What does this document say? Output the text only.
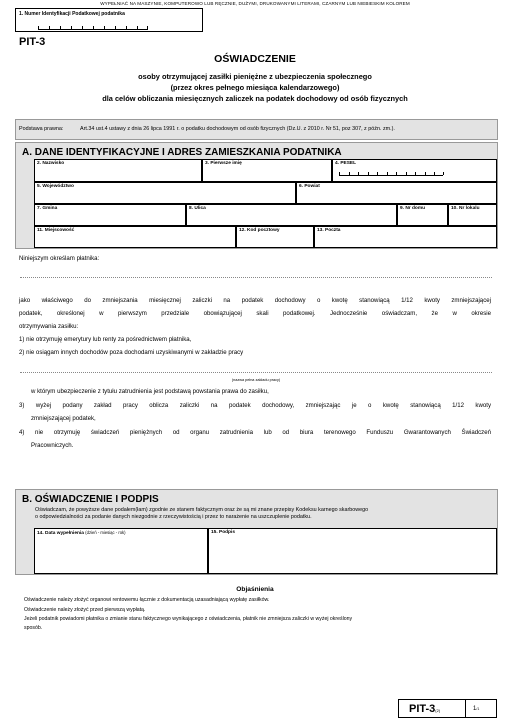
WYPEŁNIAĆ NA MASZYNIE, KOMPUTEROWO LUB RĘCZNIE, DUŻYMI, DRUKOWANYMI LITERAMI, CZARNYM LUB NIEBIESKIM KOLOREM
1. Numer Identyfikacji Podatkowej podatnika
PIT-3
OŚWIADCZENIE
osoby otrzymującej zasiłki pieniężne z ubezpieczenia społecznego
(przez okres pełnego miesiąca kalendarzowego)
dla celów obliczania miesięcznych zaliczek na podatek dochodowy od osób fizycznych
Podstawa prawna:	Art.34 ust.4 ustawy z dnia 26 lipca 1991 r. o podatku dochodowym od osób fizycznych (Dz.U. z 2010 r. Nr 51, poz 307, z późn. zm.).
A. DANE IDENTYFIKACYJNE I ADRES ZAMIESZKANIA PODATNIKA
2. Nazwisko	3. Pierwsze imię	4. PESEL
5. Województwo	6. Powiat
7. Gmina	8. Ulica	9. Nr domu	10. Nr lokalu
11. Miejscowość	12. Kod pocztowy	13. Poczta
Niniejszym określam płatnika:
jako właściwego do zmniejszania miesięcznej zaliczki na podatek dochodowy o kwotę stanowiącą 1/12 kwoty zmniejszającej
podatek, określonej w pierwszym przedziale obowiązującej skali podatkowej. Jednocześnie oświadczam, że w okresie
otrzymywania zasiłku:
1) nie otrzymuję emerytury lub renty za pośrednictwem płatnika,
2) nie osiągam innych dochodów poza dochodami uzyskiwanymi w zakładzie pracy
(nazwa pełna zakładu pracy)
w którym ubezpieczenie z tytułu zatrudnienia jest podstawą powstania prawa do zasiłku,
3) wyżej podany zakład pracy oblicza zaliczki na podatek dochodowy, zmniejszając je o kwotę stanowiącą 1/12 kwoty
zmniejszającej podatek,
4) nie otrzymuję świadczeń pieniężnych od organu zatrudnienia lub od biura terenowego Funduszu Gwarantowanych Świadczeń
Pracowniczych.
B. OŚWIADCZENIE I PODPIS
Oświadczam, że powyższe dane podałem(łam) zgodnie ze stanem faktycznym oraz że są mi znane przepisy Kodeksu karnego skarbowego
o odpowiedzialności za podanie danych niezgodnie z rzeczywistością i przez to narażenie na uszczuplenie podatku.
14. Data wypełnienia (dzień - miesiąc - rok)	15. Podpis
Objaśnienia
Oświadczenie należy złożyć organowi rentowemu łącznie z dokumentacją uzasadniającą wypłatę zasiłków.
Oświadczenie należy złożyć przed pierwszą wypłatą.
Jeżeli podatnik powiadomi płatnika o zmianie stanu faktycznego wynikającego z oświadczenia, płatnik nie zmniejsza zaliczki w wyżej określony
sposób.
PIT-3(2)	1/1
